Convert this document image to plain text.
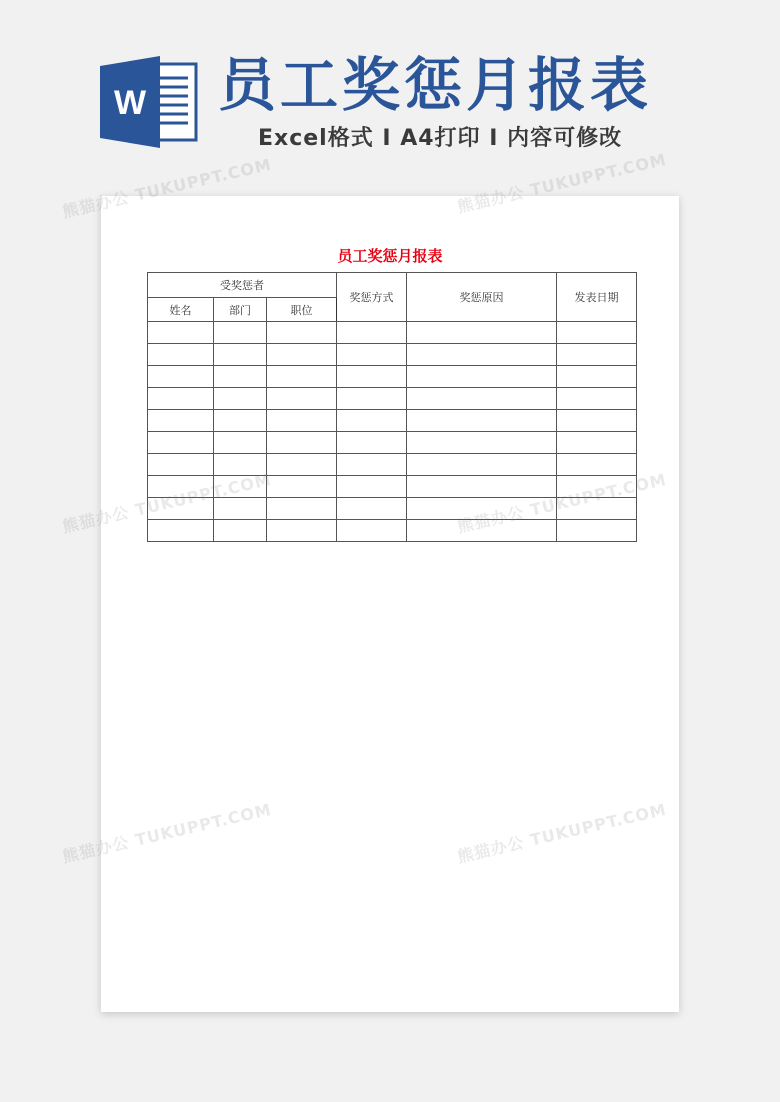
W 员工奖惩月报表
Excel格式 I A4打印 I 内容可修改
员工奖惩月报表
受奖惩者			奖惩方式	奖惩原因	发表日期
姓名	部门	职位			

熊猫办公 TUKUPPT.COM	熊猫办公 TUKUPPT.COM
熊猫办公
熊猫办公
